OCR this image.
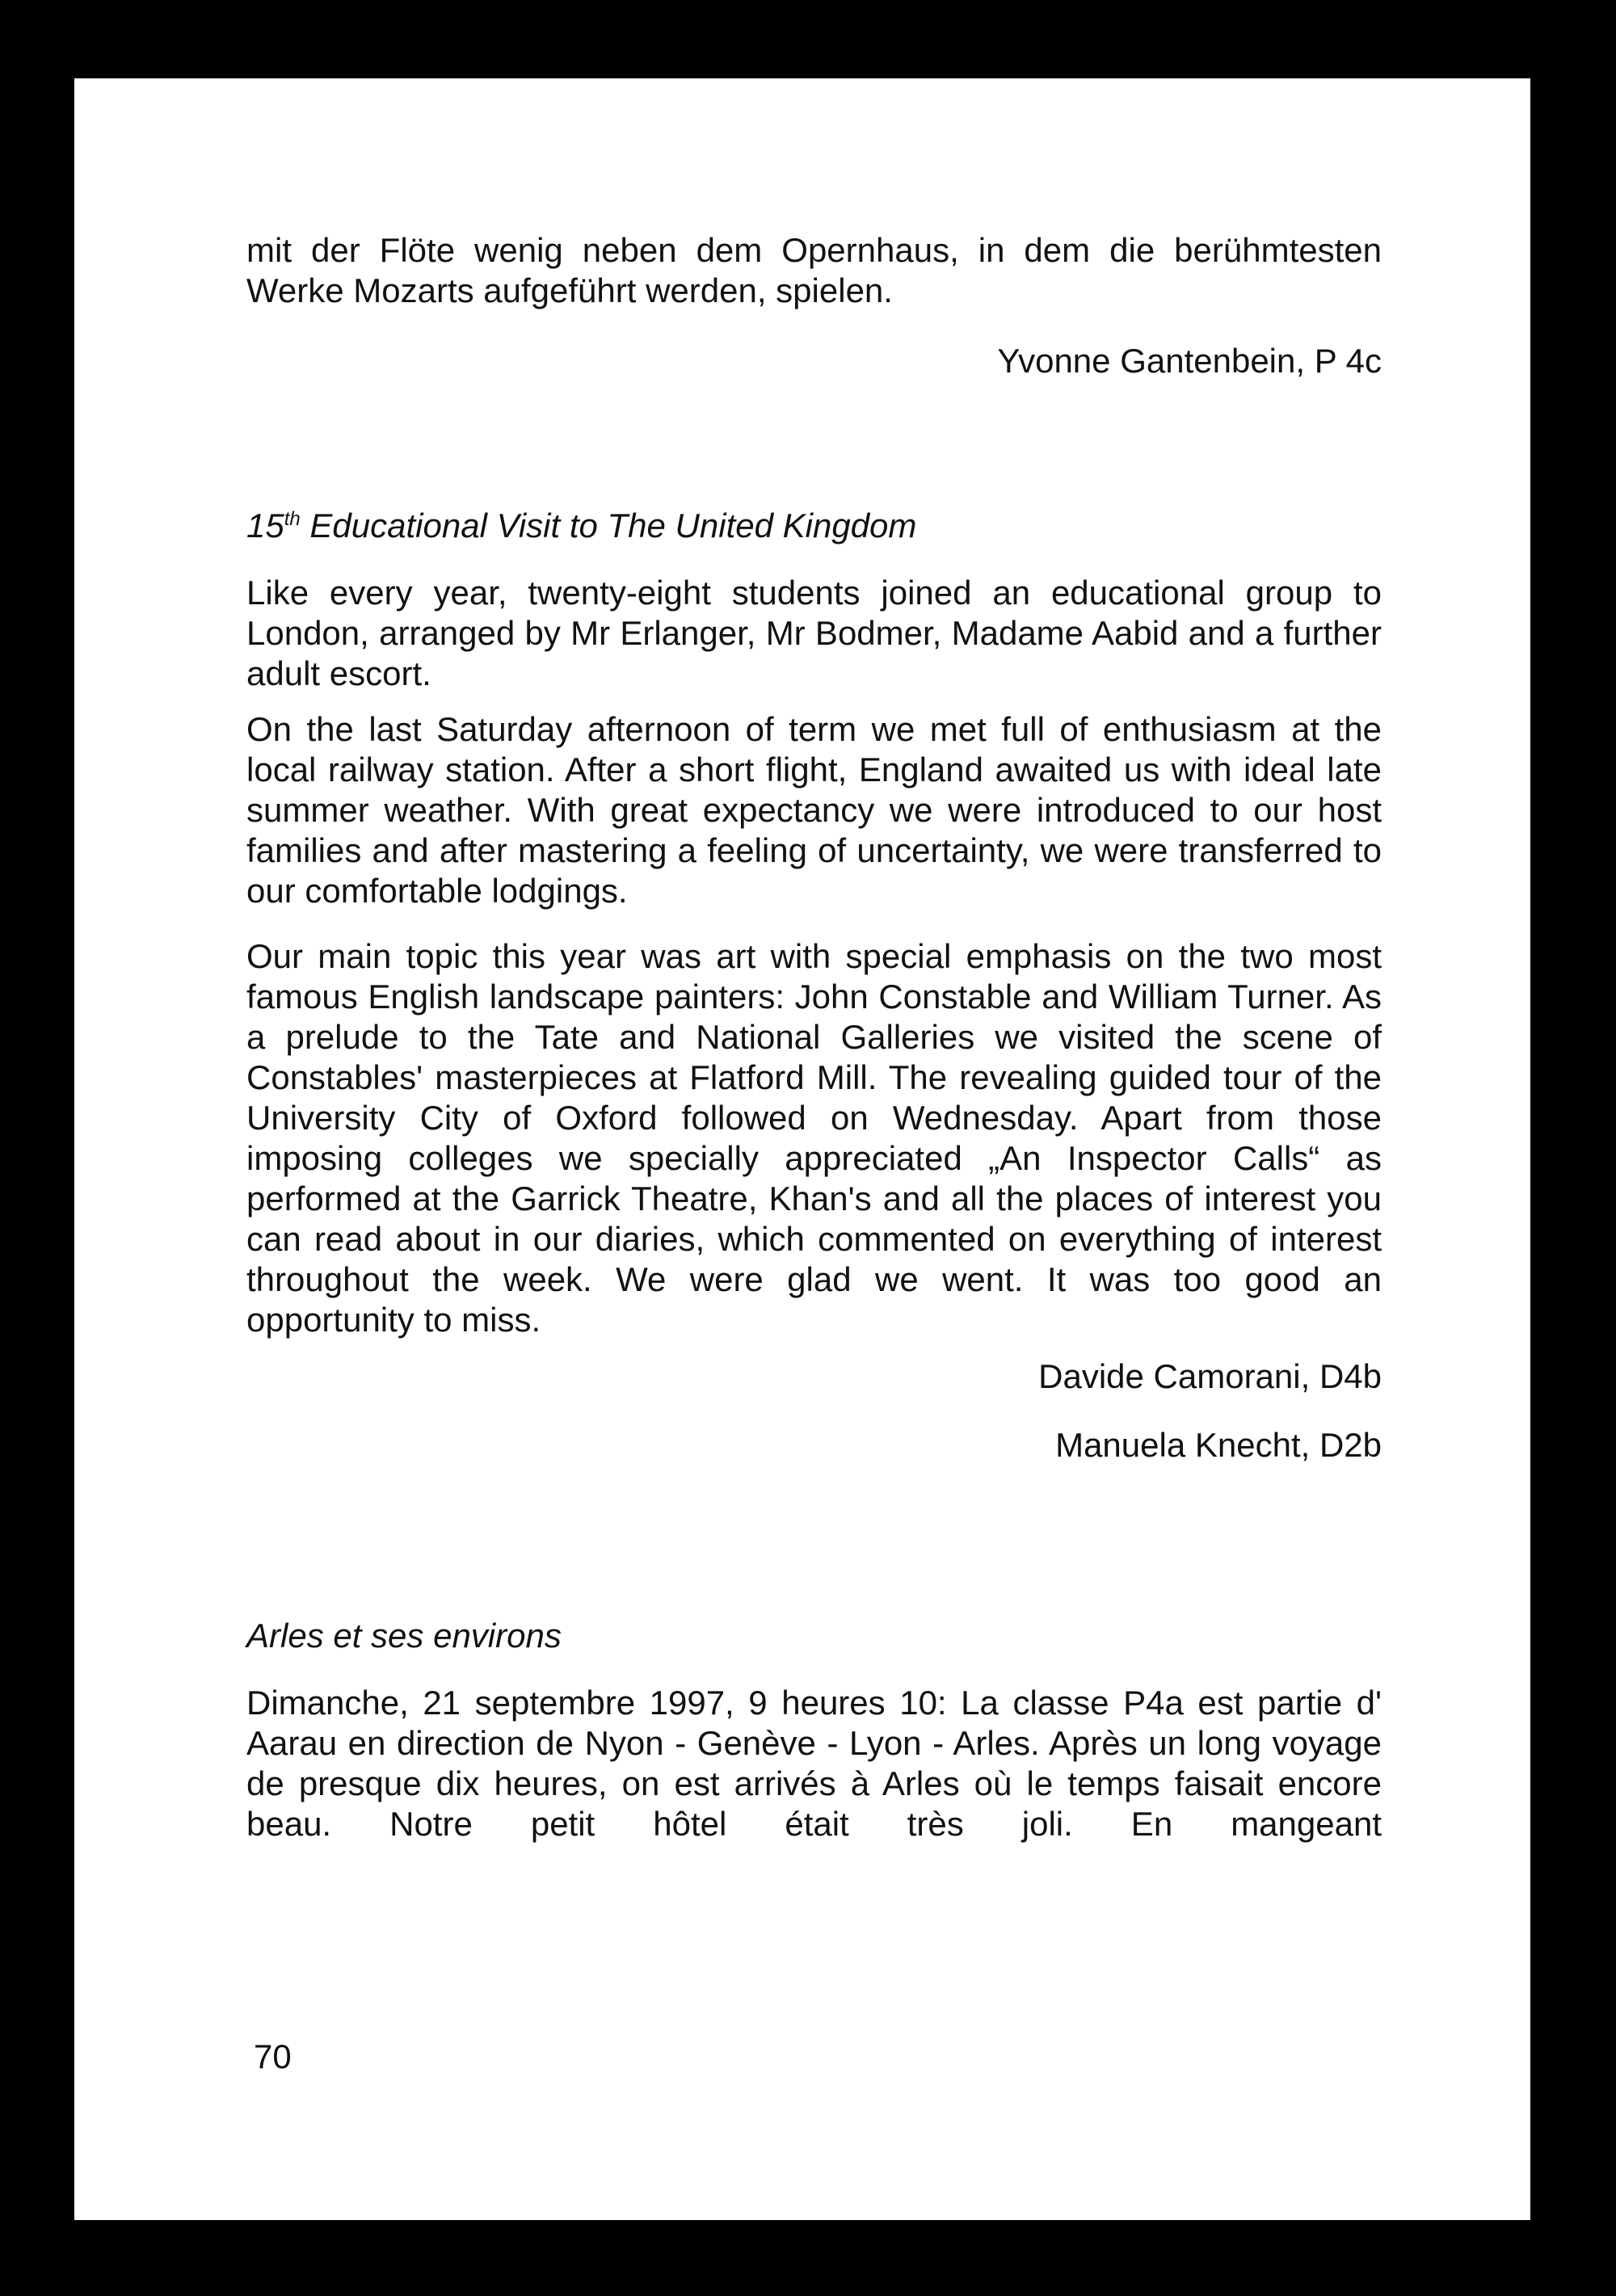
mit der Flöte wenig neben dem Opernhaus, in dem die berühmtesten Werke Mozarts aufgeführt werden, spielen.

Yvonne Gantenbein, P 4c

15th Educational Visit to The United Kingdom

Like every year, twenty-eight students joined an educational group to London, arranged by Mr Erlanger, Mr Bodmer, Madame Aabid and a further adult escort.

On the last Saturday afternoon of term we met full of enthusiasm at the local railway station. After a short flight, England awaited us with ideal late summer weather. With great expectancy we were introduced to our host families and after mastering a feeling of uncertainty, we were transferred to our comfortable lodgings.

Our main topic this year was art with special emphasis on the two most famous English landscape painters: John Constable and William Turner. As a prelude to the Tate and National Galleries we visited the scene of Constables' masterpieces at Flatford Mill. The revealing guided tour of the University City of Oxford followed on Wednesday. Apart from those imposing colleges we specially appreciated „An Inspector Calls“ as performed at the Garrick Theatre, Khan's and all the places of interest you can read about in our diaries, which commented on everything of interest throughout the week. We were glad we went. It was too good an opportunity to miss.

Davide Camorani, D4b

Manuela Knecht, D2b

Arles et ses environs

Dimanche, 21 septembre 1997, 9 heures 10: La classe P4a est partie d' Aarau en direction de Nyon - Genève - Lyon - Arles. Après un long voyage de presque dix heures, on est arrivés à Arles où le temps faisait encore beau. Notre petit hôtel était très joli. En mangeant

70
